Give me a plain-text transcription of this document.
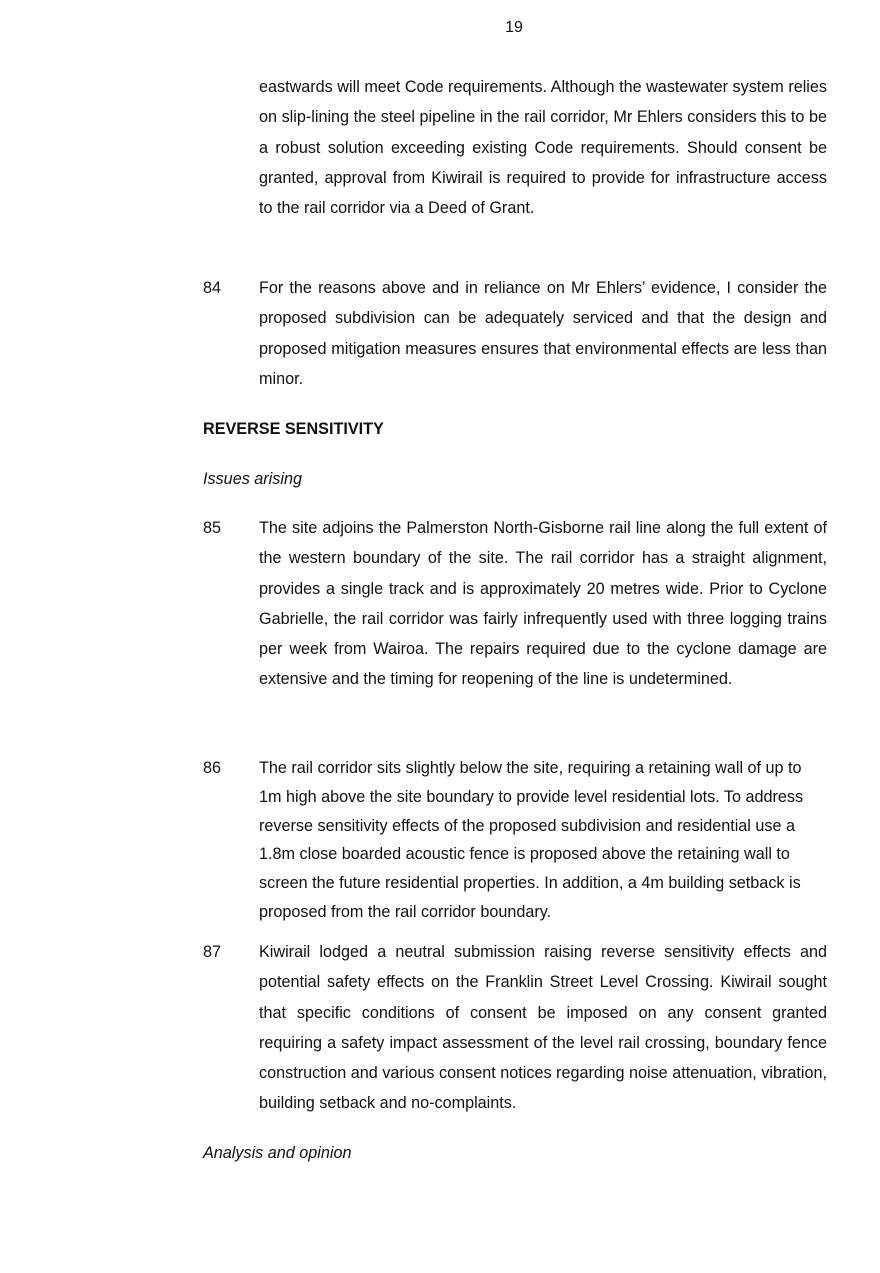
19
eastwards will meet Code requirements. Although the wastewater system relies on slip-lining the steel pipeline in the rail corridor, Mr Ehlers considers this to be a robust solution exceeding existing Code requirements. Should consent be granted, approval from Kiwirail is required to provide for infrastructure access to the rail corridor via a Deed of Grant.
84 For the reasons above and in reliance on Mr Ehlers’ evidence, I consider the proposed subdivision can be adequately serviced and that the design and proposed mitigation measures ensures that environmental effects are less than minor.
REVERSE SENSITIVITY
Issues arising
85 The site adjoins the Palmerston North-Gisborne rail line along the full extent of the western boundary of the site. The rail corridor has a straight alignment, provides a single track and is approximately 20 metres wide. Prior to Cyclone Gabrielle, the rail corridor was fairly infrequently used with three logging trains per week from Wairoa. The repairs required due to the cyclone damage are extensive and the timing for reopening of the line is undetermined.
86 The rail corridor sits slightly below the site, requiring a retaining wall of up to 1m high above the site boundary to provide level residential lots. To address reverse sensitivity effects of the proposed subdivision and residential use a 1.8m close boarded acoustic fence is proposed above the retaining wall to screen the future residential properties. In addition, a 4m building setback is proposed from the rail corridor boundary.
87 Kiwirail lodged a neutral submission raising reverse sensitivity effects and potential safety effects on the Franklin Street Level Crossing. Kiwirail sought that specific conditions of consent be imposed on any consent granted requiring a safety impact assessment of the level rail crossing, boundary fence construction and various consent notices regarding noise attenuation, vibration, building setback and no-complaints.
Analysis and opinion
